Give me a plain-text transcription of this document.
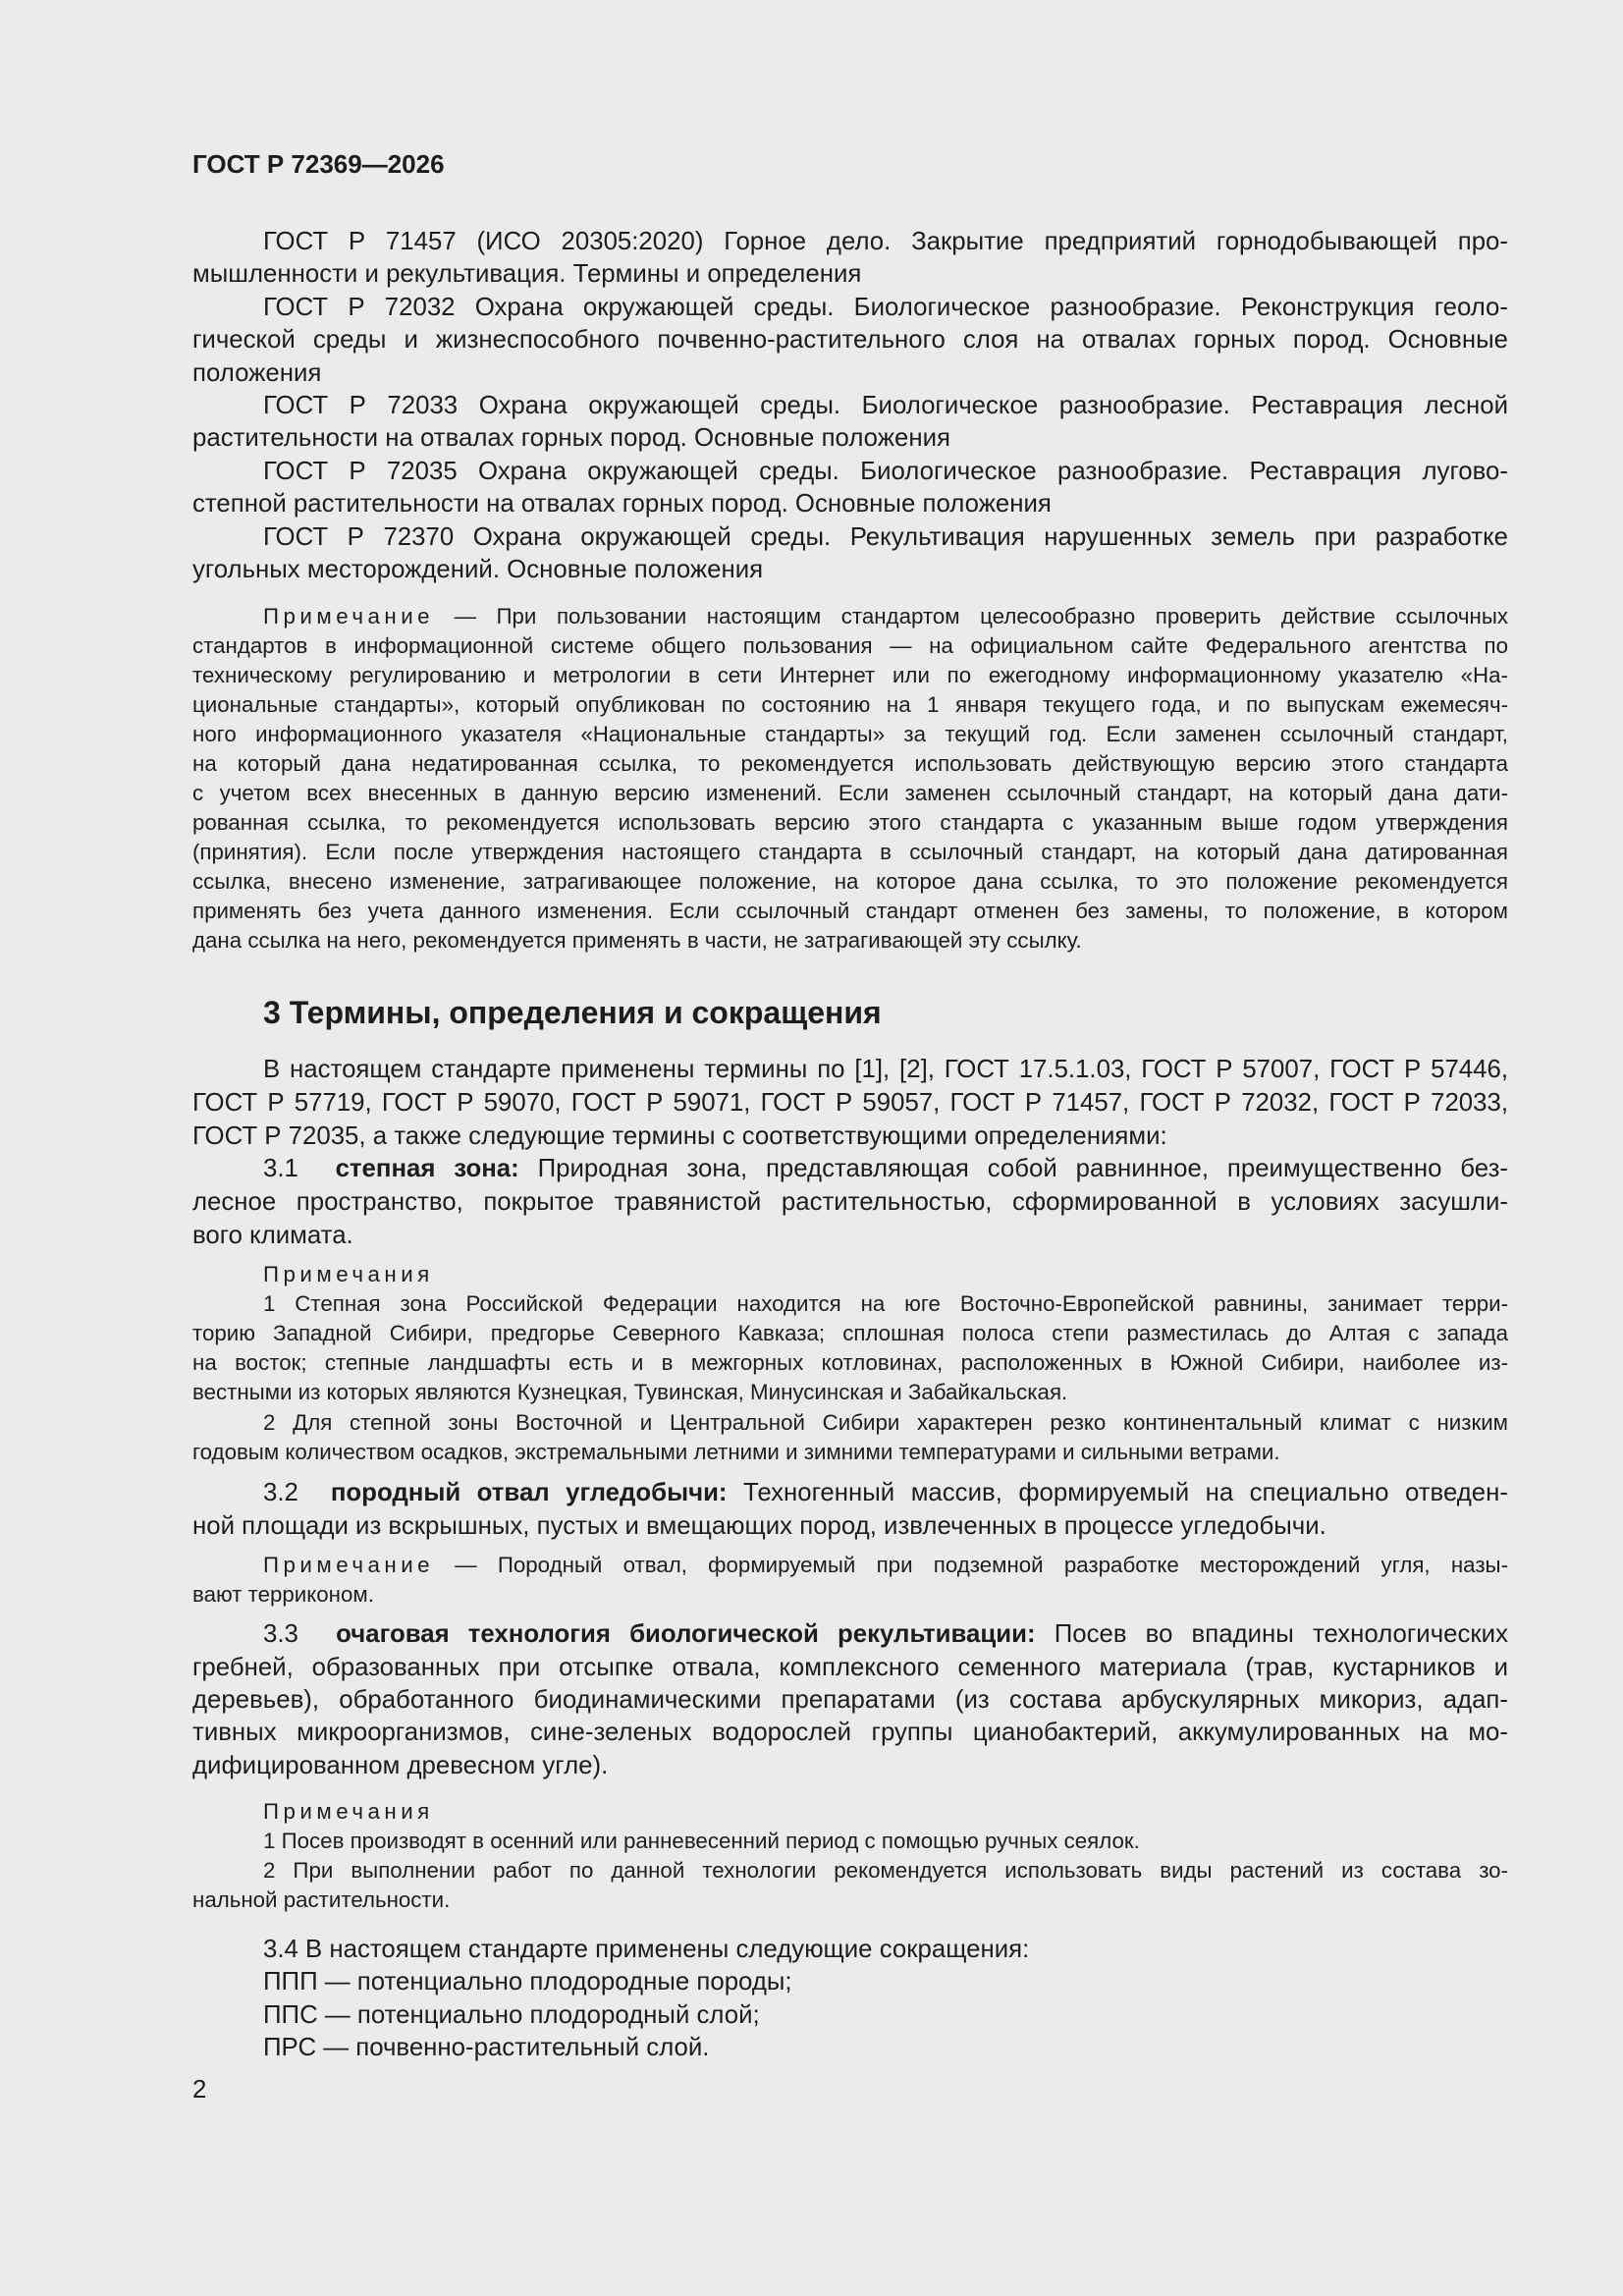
ГОСТ Р 72369—2026
ГОСТ Р 71457 (ИСО 20305:2020) Горное дело. Закрытие предприятий горнодобывающей про-
мышленности и рекультивация. Термины и определения
ГОСТ Р 72032 Охрана окружающей среды. Биологическое разнообразие. Реконструкция геоло-
гической среды и жизнеспособного почвенно-растительного слоя на отвалах горных пород. Основные
положения
ГОСТ Р 72033 Охрана окружающей среды. Биологическое разнообразие. Реставрация лесной
растительности на отвалах горных пород. Основные положения
ГОСТ Р 72035 Охрана окружающей среды. Биологическое разнообразие. Реставрация лугово-
степной растительности на отвалах горных пород. Основные положения
ГОСТ Р 72370 Охрана окружающей среды. Рекультивация нарушенных земель при разработке
угольных месторождений. Основные положения
Примечание — При пользовании настоящим стандартом целесообразно проверить действие ссылочных
стандартов в информационной системе общего пользования — на официальном сайте Федерального агентства по
техническому регулированию и метрологии в сети Интернет или по ежегодному информационному указателю «На-
циональные стандарты», который опубликован по состоянию на 1 января текущего года, и по выпускам ежемесяч-
ного информационного указателя «Национальные стандарты» за текущий год. Если заменен ссылочный стандарт,
на который дана недатированная ссылка, то рекомендуется использовать действующую версию этого стандарта
с учетом всех внесенных в данную версию изменений. Если заменен ссылочный стандарт, на который дана дати-
рованная ссылка, то рекомендуется использовать версию этого стандарта с указанным выше годом утверждения
(принятия). Если после утверждения настоящего стандарта в ссылочный стандарт, на который дана датированная
ссылка, внесено изменение, затрагивающее положение, на которое дана ссылка, то это положение рекомендуется
применять без учета данного изменения. Если ссылочный стандарт отменен без замены, то положение, в котором
дана ссылка на него, рекомендуется применять в части, не затрагивающей эту ссылку.
3 Термины, определения и сокращения
В настоящем стандарте применены термины по [1], [2], ГОСТ 17.5.1.03, ГОСТ Р 57007, ГОСТ Р 57446,
ГОСТ Р 57719, ГОСТ Р 59070, ГОСТ Р 59071, ГОСТ Р 59057, ГОСТ Р 71457, ГОСТ Р 72032, ГОСТ Р 72033,
ГОСТ Р 72035, а также следующие термины с соответствующими определениями:
3.1 степная зона: Природная зона, представляющая собой равнинное, преимущественно без-
лесное пространство, покрытое травянистой растительностью, сформированной в условиях засушли-
вого климата.
Примечания
1 Степная зона Российской Федерации находится на юге Восточно-Европейской равнины, занимает терри-
торию Западной Сибири, предгорье Северного Кавказа; сплошная полоса степи разместилась до Алтая с запада
на восток; степные ландшафты есть и в межгорных котловинах, расположенных в Южной Сибири, наиболее из-
вестными из которых являются Кузнецкая, Тувинская, Минусинская и Забайкальская.
2 Для степной зоны Восточной и Центральной Сибири характерен резко континентальный климат с низким
годовым количеством осадков, экстремальными летними и зимними температурами и сильными ветрами.
3.2 породный отвал угледобычи: Техногенный массив, формируемый на специально отведен-
ной площади из вскрышных, пустых и вмещающих пород, извлеченных в процессе угледобычи.
Примечание — Породный отвал, формируемый при подземной разработке месторождений угля, назы-
вают терриконом.
3.3 очаговая технология биологической рекультивации: Посев во впадины технологических
гребней, образованных при отсыпке отвала, комплексного семенного материала (трав, кустарников и
деревьев), обработанного биодинамическими препаратами (из состава арбускулярных микориз, адап-
тивных микроорганизмов, сине-зеленых водорослей группы цианобактерий, аккумулированных на мо-
дифицированном древесном угле).
Примечания
1 Посев производят в осенний или ранневесенний период с помощью ручных сеялок.
2 При выполнении работ по данной технологии рекомендуется использовать виды растений из состава зо-
нальной растительности.
3.4 В настоящем стандарте применены следующие сокращения:
ППП — потенциально плодородные породы;
ППС — потенциально плодородный слой;
ПРС — почвенно-растительный слой.
2
